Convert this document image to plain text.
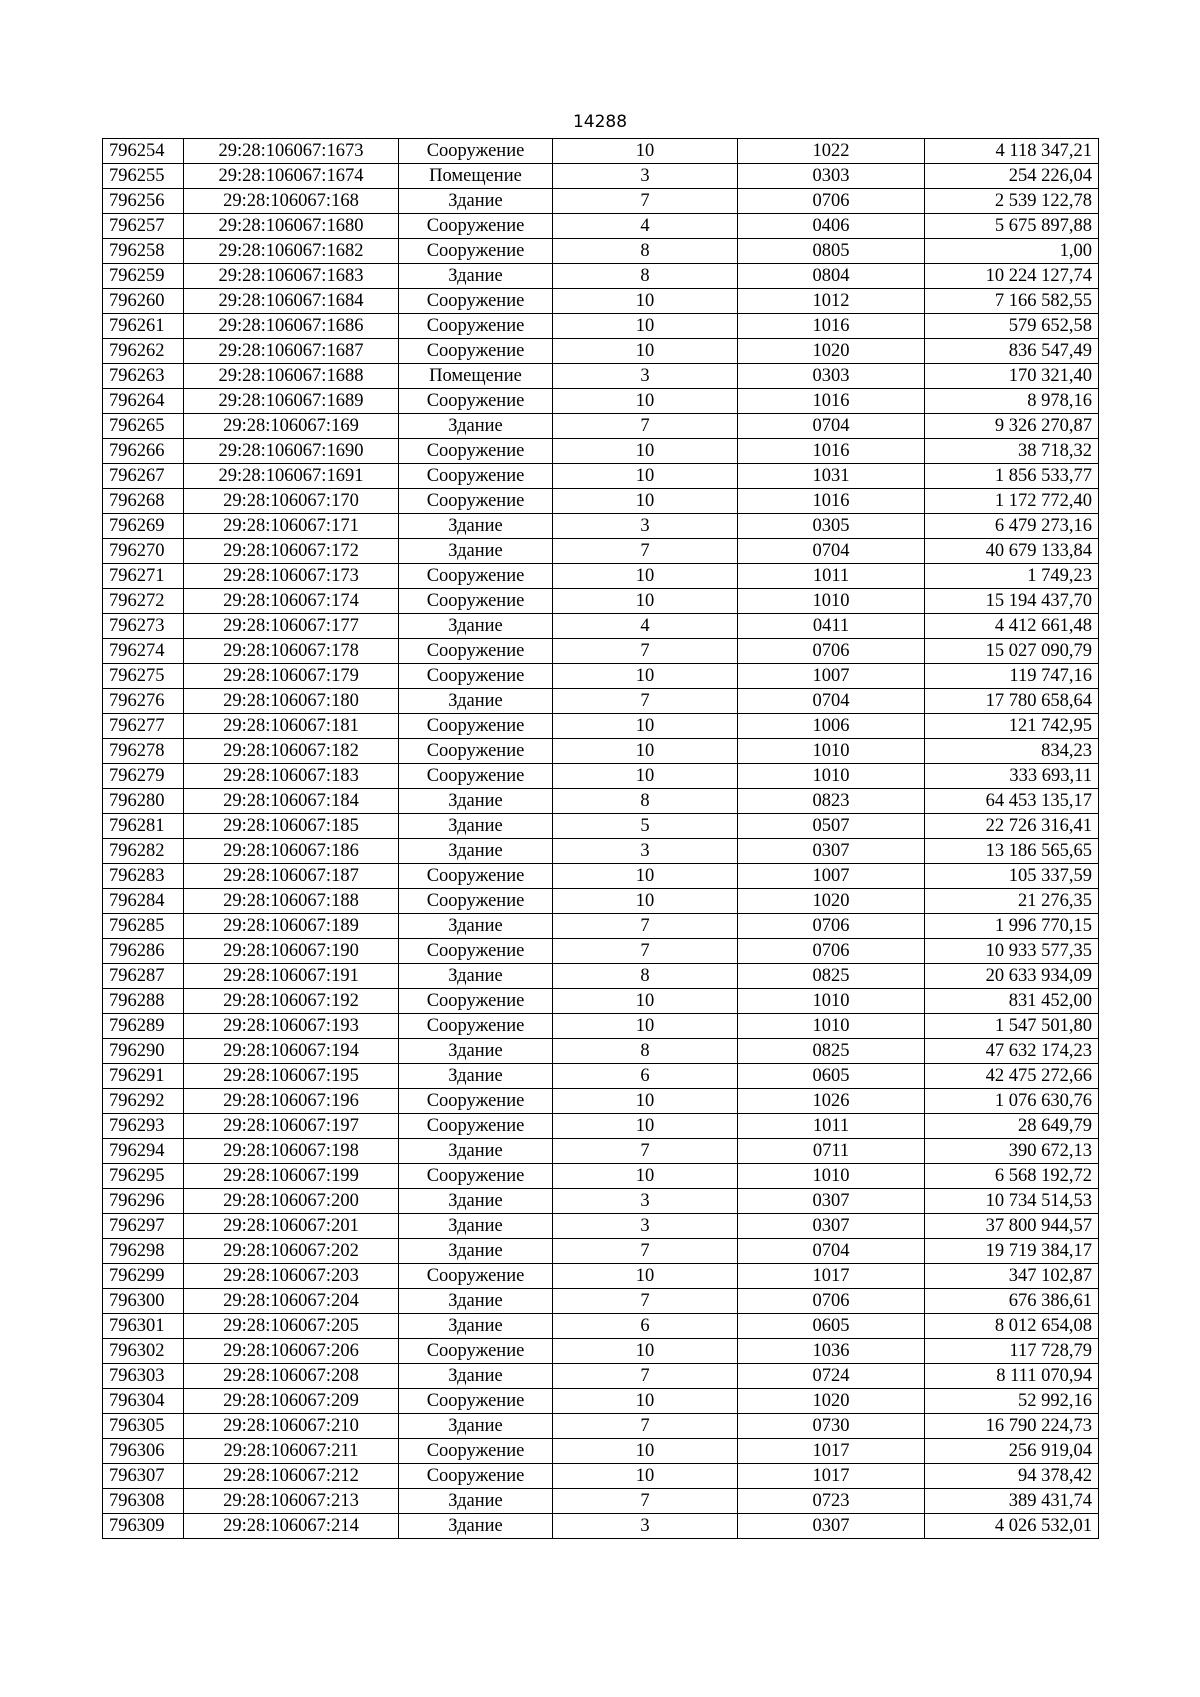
14288
796254	29:28:106067:1673	Сооружение	10	1022	4 118 347,21
796255	29:28:106067:1674	Помещение	3	0303	254 226,04
796256	29:28:106067:168	Здание	7	0706	2 539 122,78
796257	29:28:106067:1680	Сооружение	4	0406	5 675 897,88
796258	29:28:106067:1682	Сооружение	8	0805	1,00
796259	29:28:106067:1683	Здание	8	0804	10 224 127,74
796260	29:28:106067:1684	Сооружение	10	1012	7 166 582,55
796261	29:28:106067:1686	Сооружение	10	1016	579 652,58
796262	29:28:106067:1687	Сооружение	10	1020	836 547,49
796263	29:28:106067:1688	Помещение	3	0303	170 321,40
796264	29:28:106067:1689	Сооружение	10	1016	8 978,16
796265	29:28:106067:169	Здание	7	0704	9 326 270,87
796266	29:28:106067:1690	Сооружение	10	1016	38 718,32
796267	29:28:106067:1691	Сооружение	10	1031	1 856 533,77
796268	29:28:106067:170	Сооружение	10	1016	1 172 772,40
796269	29:28:106067:171	Здание	3	0305	6 479 273,16
796270	29:28:106067:172	Здание	7	0704	40 679 133,84
796271	29:28:106067:173	Сооружение	10	1011	1 749,23
796272	29:28:106067:174	Сооружение	10	1010	15 194 437,70
796273	29:28:106067:177	Здание	4	0411	4 412 661,48
796274	29:28:106067:178	Сооружение	7	0706	15 027 090,79
796275	29:28:106067:179	Сооружение	10	1007	119 747,16
796276	29:28:106067:180	Здание	7	0704	17 780 658,64
796277	29:28:106067:181	Сооружение	10	1006	121 742,95
796278	29:28:106067:182	Сооружение	10	1010	834,23
796279	29:28:106067:183	Сооружение	10	1010	333 693,11
796280	29:28:106067:184	Здание	8	0823	64 453 135,17
796281	29:28:106067:185	Здание	5	0507	22 726 316,41
796282	29:28:106067:186	Здание	3	0307	13 186 565,65
796283	29:28:106067:187	Сооружение	10	1007	105 337,59
796284	29:28:106067:188	Сооружение	10	1020	21 276,35
796285	29:28:106067:189	Здание	7	0706	1 996 770,15
796286	29:28:106067:190	Сооружение	7	0706	10 933 577,35
796287	29:28:106067:191	Здание	8	0825	20 633 934,09
796288	29:28:106067:192	Сооружение	10	1010	831 452,00
796289	29:28:106067:193	Сооружение	10	1010	1 547 501,80
796290	29:28:106067:194	Здание	8	0825	47 632 174,23
796291	29:28:106067:195	Здание	6	0605	42 475 272,66
796292	29:28:106067:196	Сооружение	10	1026	1 076 630,76
796293	29:28:106067:197	Сооружение	10	1011	28 649,79
796294	29:28:106067:198	Здание	7	0711	390 672,13
796295	29:28:106067:199	Сооружение	10	1010	6 568 192,72
796296	29:28:106067:200	Здание	3	0307	10 734 514,53
796297	29:28:106067:201	Здание	3	0307	37 800 944,57
796298	29:28:106067:202	Здание	7	0704	19 719 384,17
796299	29:28:106067:203	Сооружение	10	1017	347 102,87
796300	29:28:106067:204	Здание	7	0706	676 386,61
796301	29:28:106067:205	Здание	6	0605	8 012 654,08
796302	29:28:106067:206	Сооружение	10	1036	117 728,79
796303	29:28:106067:208	Здание	7	0724	8 111 070,94
796304	29:28:106067:209	Сооружение	10	1020	52 992,16
796305	29:28:106067:210	Здание	7	0730	16 790 224,73
796306	29:28:106067:211	Сооружение	10	1017	256 919,04
796307	29:28:106067:212	Сооружение	10	1017	94 378,42
796308	29:28:106067:213	Здание	7	0723	389 431,74
796309	29:28:106067:214	Здание	3	0307	4 026 532,01
